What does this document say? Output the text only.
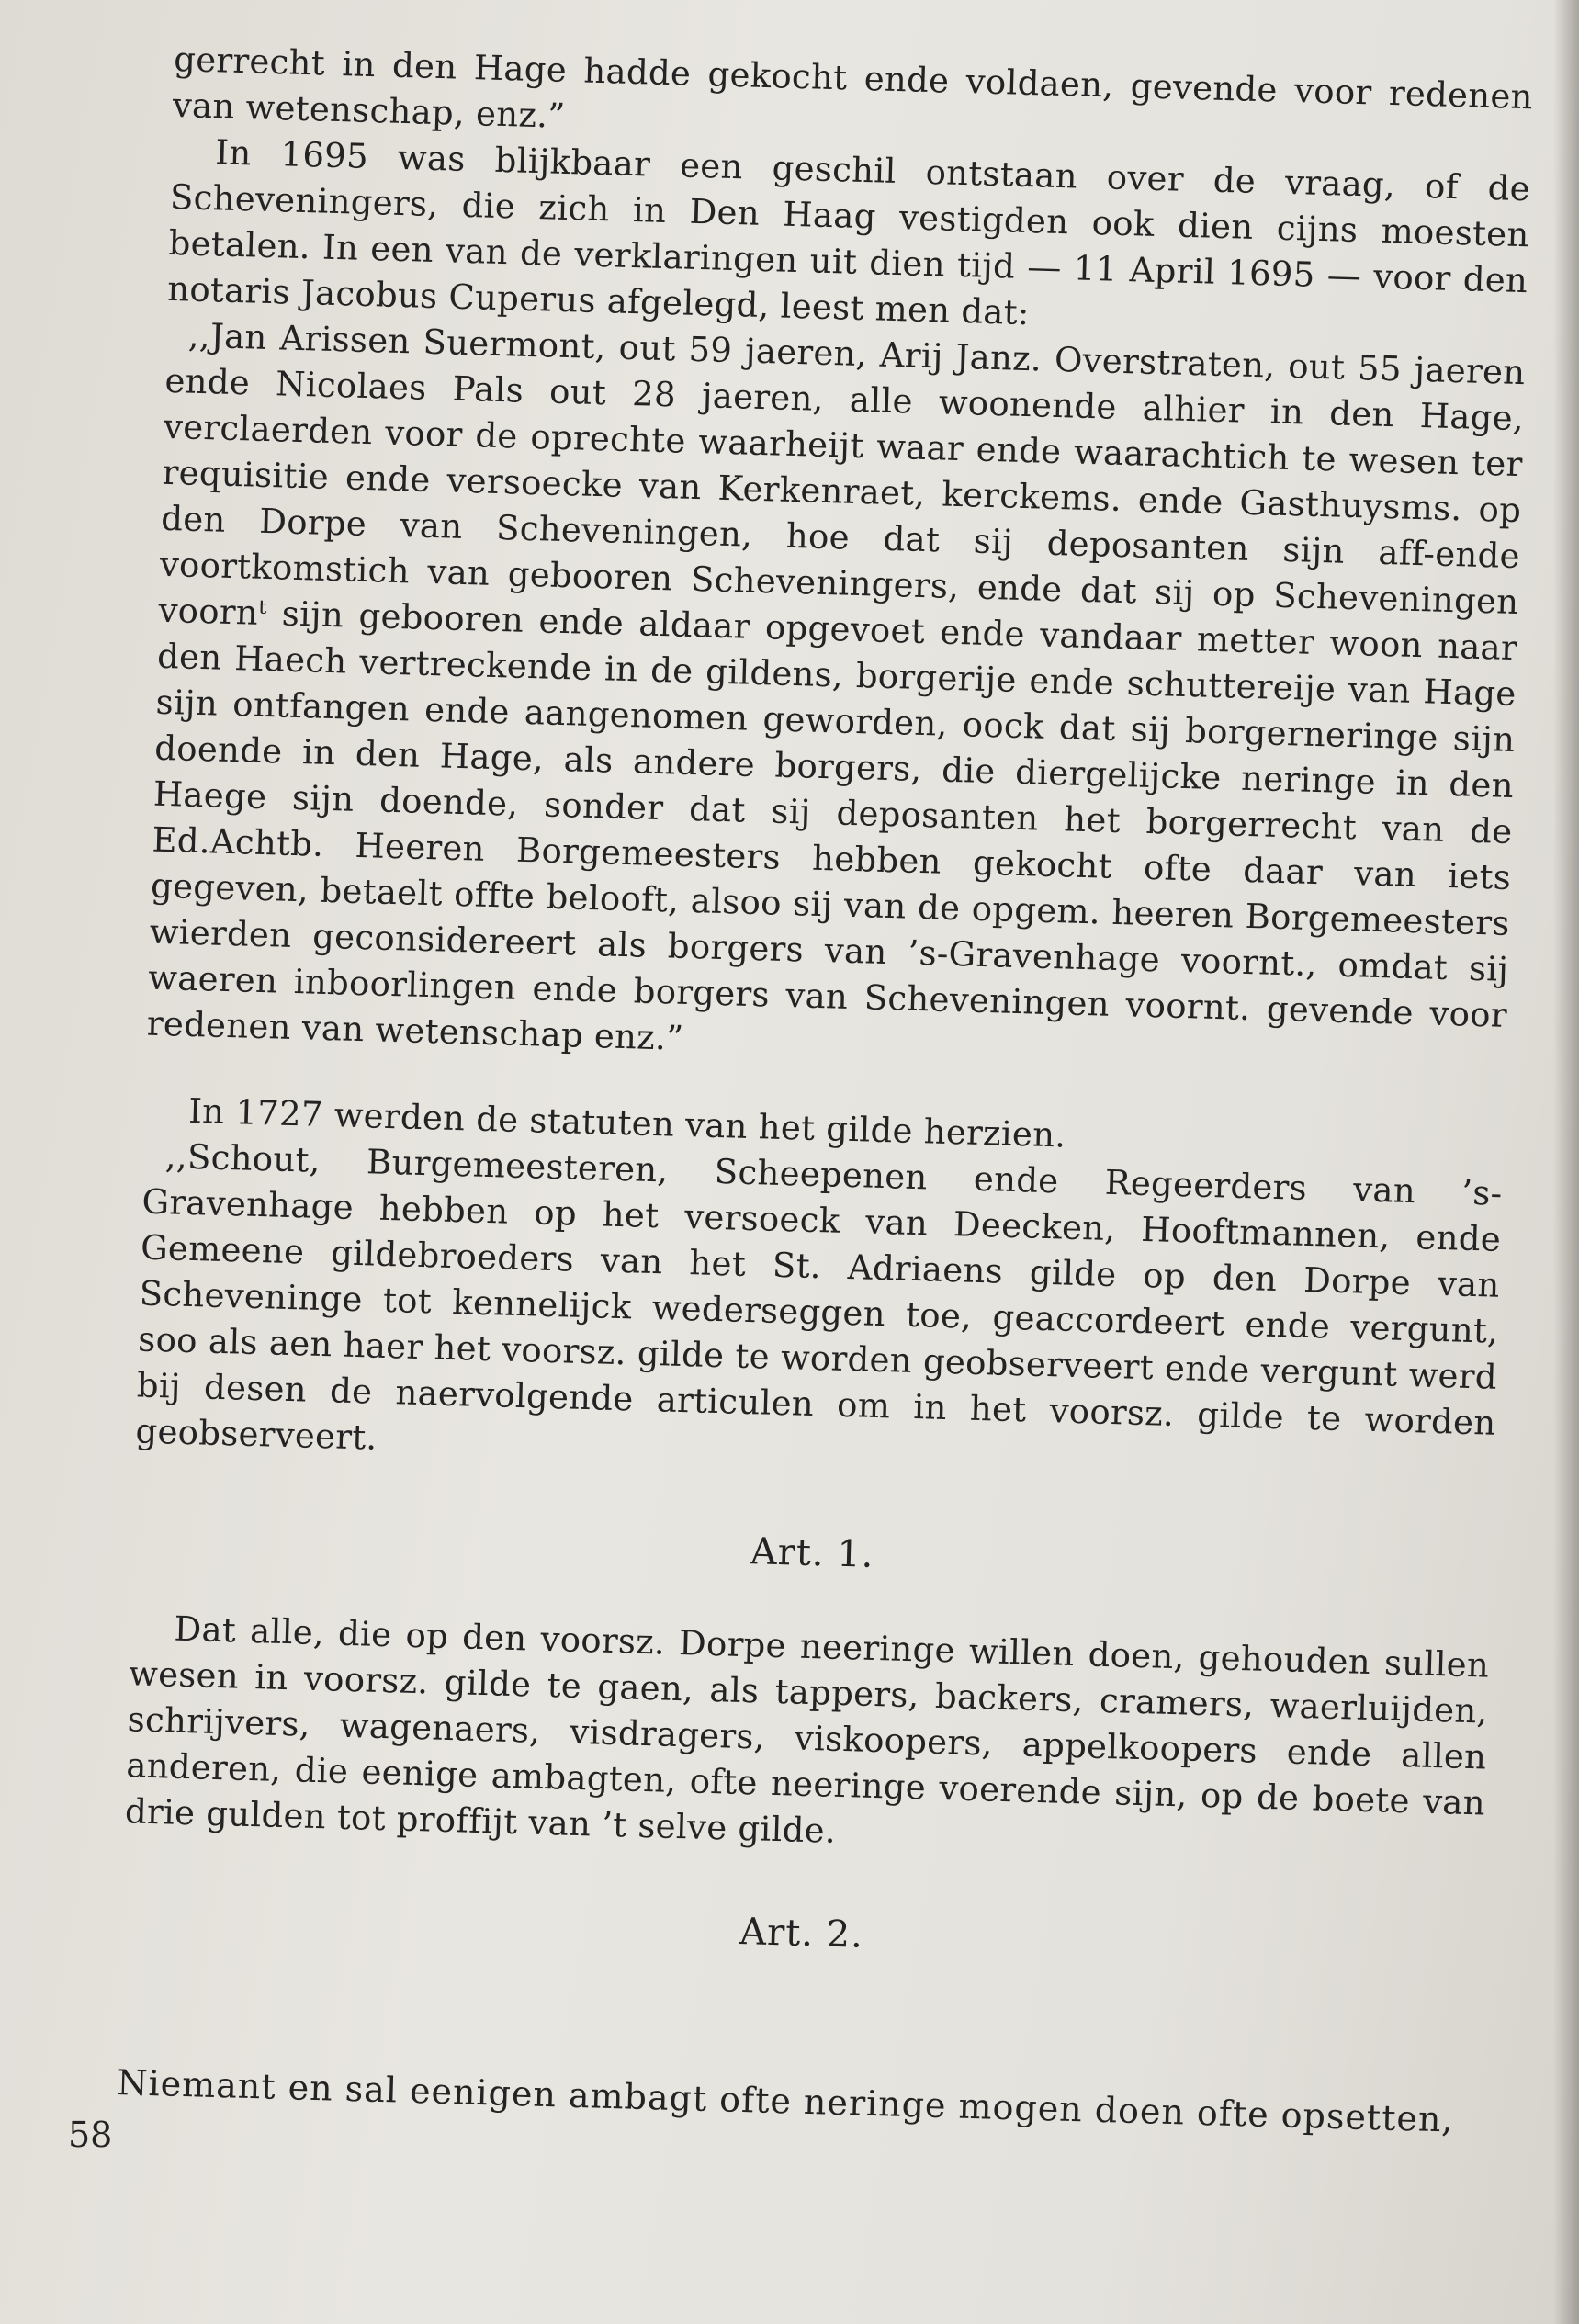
gerrecht in den Hage hadde gekocht ende voldaen, gevende voor redenen van wetenschap, enz.”

In 1695 was blijkbaar een geschil ontstaan over de vraag, of de Scheveningers, die zich in Den Haag vestigden ook dien cijns moesten betalen. In een van de verklaringen uit dien tijd — 11 April 1695 — voor den notaris Jacobus Cuperus afgelegd, leest men dat:

,,Jan Arissen Suermont, out 59 jaeren, Arij Janz. Overstraten, out 55 jaeren ende Nicolaes Pals out 28 jaeren, alle woonende alhier in den Hage, verclaerden voor de oprechte waarheijt waar ende waarachtich te wesen ter requisitie ende versoecke van Kerkenraet, kerckems. ende Gasthuysms. op den Dorpe van Scheveningen, hoe dat sij deposanten sijn aff-ende voortkomstich van gebooren Scheveningers, ende dat sij op Scheveningen voornᵗ sijn gebooren ende aldaar opgevoet ende vandaar metter woon naar den Haech vertreckende in de gildens, borgerije ende schuttereije van Hage sijn ontfangen ende aangenomen geworden, oock dat sij borgerneringe sijn doende in den Hage, als andere borgers, die diergelijcke neringe in den Haege sijn doende, sonder dat sij deposanten het borgerrecht van de Ed.Achtb. Heeren Borgemeesters hebben gekocht ofte daar van iets gegeven, betaelt offte belooft, alsoo sij van de opgem. heeren Borgemeesters wierden geconsidereert als borgers van ’s-Gravenhage voornt., omdat sij waeren inboorlingen ende borgers van Scheveningen voornt. gevende voor redenen van wetenschap enz.”

In 1727 werden de statuten van het gilde herzien.

,,Schout, Burgemeesteren, Scheepenen ende Regeerders van ’s-Gravenhage hebben op het versoeck van Deecken, Hooftmannen, ende Gemeene gildebroeders van het St. Adriaens gilde op den Dorpe van Scheveninge tot kennelijck wederseggen toe, geaccordeert ende vergunt, soo als aen haer het voorsz. gilde te worden geobserveert ende vergunt werd bij desen de naervolgende articulen om in het voorsz. gilde te worden geobserveert.

Art. 1.

Dat alle, die op den voorsz. Dorpe neeringe willen doen, gehouden sullen wesen in voorsz. gilde te gaen, als tappers, backers, cramers, waerluijden, schrijvers, wagenaers, visdragers, viskoopers, appelkoopers ende allen anderen, die eenige ambagten, ofte neeringe voerende sijn, op de boete van drie gulden tot proffijt van ’t selve gilde.

Art. 2.
Niemant en sal eenigen ambagt ofte neringe mogen doen ofte opsetten,
58
